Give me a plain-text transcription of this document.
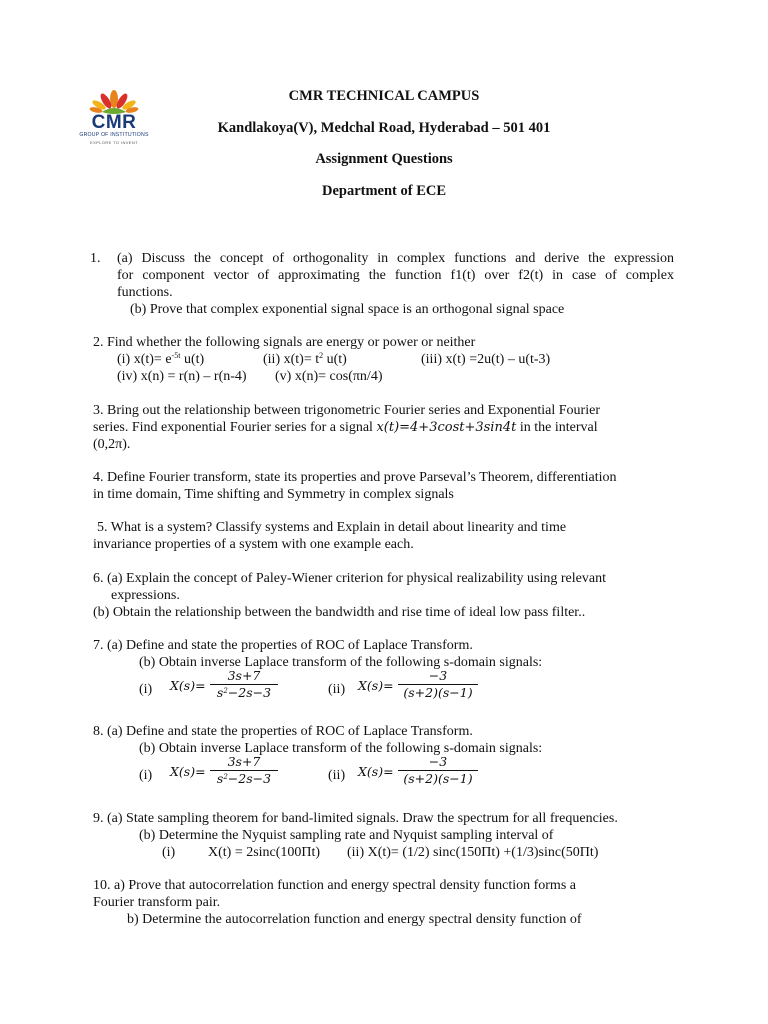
CMR
GROUP OF INSTITUTIONS
EXPLORE TO INVENT
CMR TECHNICAL CAMPUS
Kandlakoya(V), Medchal Road, Hyderabad – 501 401
Assignment Questions
Department of ECE
1. (a) Discuss the concept of orthogonality in complex functions and derive the expression
for component vector of approximating the function f1(t) over f2(t) in case of complex
functions.
(b) Prove that complex exponential signal space is an orthogonal signal space
2. Find whether the following signals are energy or power or neither
(i) $x(t)= e^{-5t}$ u(t)	(ii) $x(t)= t^2$ u(t)	(iii) x(t) =2u(t) – u(t-3)
(iv) x(n) = r(n) – r(n-4) (v) x(n)= cos(πn/4)
3. Bring out the relationship between trigonometric Fourier series and Exponential Fourier
series. Find exponential Fourier series for a signal x(t)=4+3cost+3sin4t in the interval
(0,2π).
4. Define Fourier transform, state its properties and prove Parseval’s Theorem, differentiation
in time domain, Time shifting and Symmetry in complex signals
5. What is a system? Classify systems and Explain in detail about linearity and time
invariance properties of a system with one example each.
6. (a) Explain the concept of Paley-Wiener criterion for physical realizability using relevant
expressions.
(b) Obtain the relationship between the bandwidth and rise time of ideal low pass filter..
7. (a) Define and state the properties of ROC of Laplace Transform.
(b) Obtain inverse Laplace transform of the following s-domain signals:
(i) $X(s)= \frac{3s+7}{s^2-2s-3}$	(ii) $X(s)= \frac{-3}{(s+2)(s-1)}$
8. (a) Define and state the properties of ROC of Laplace Transform.
(b) Obtain inverse Laplace transform of the following s-domain signals:
(i) $X(s)= \frac{3s+7}{s^2-2s-3}$	(ii) $X(s)= \frac{-3}{(s+2)(s-1)}$
9. (a) State sampling theorem for band-limited signals. Draw the spectrum for all frequencies.
(b) Determine the Nyquist sampling rate and Nyquist sampling interval of
(i) X(t) = 2sinc(100Πt) (ii) X(t)= (1/2) sinc(150Πt) +(1/3)sinc(50Πt)
10. a) Prove that autocorrelation function and energy spectral density function forms a
Fourier transform pair.
b) Determine the autocorrelation function and energy spectral density function of
